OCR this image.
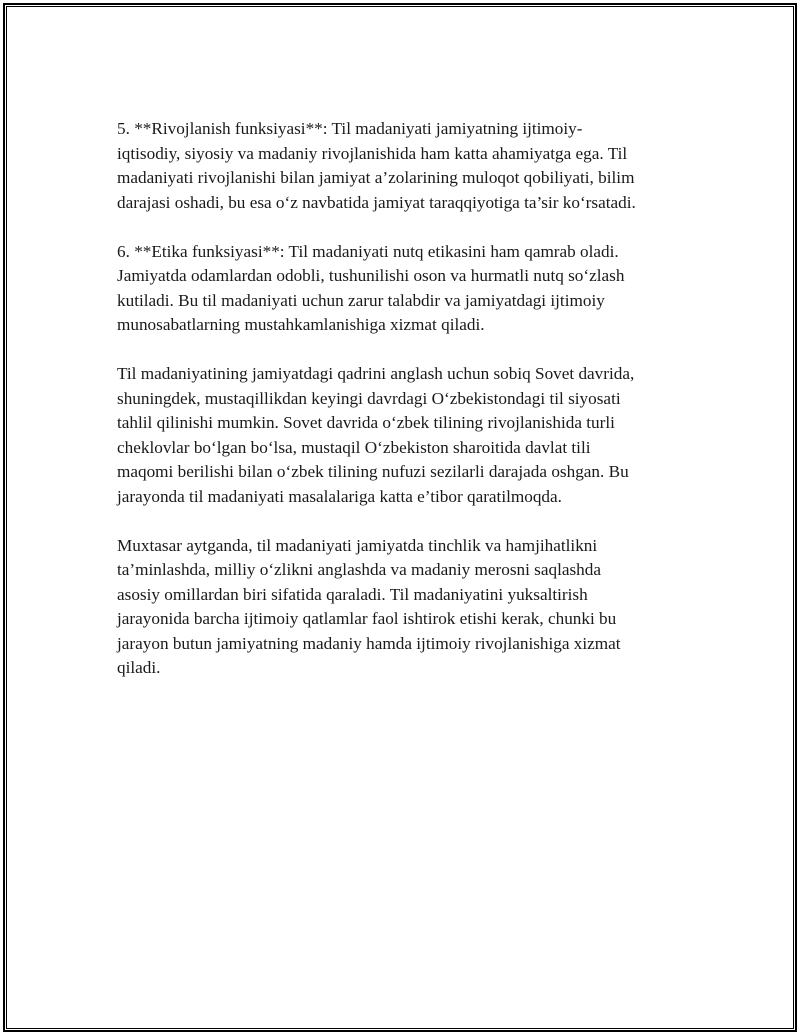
5. **Rivojlanish funksiyasi**: Til madaniyati jamiyatning ijtimoiy-
iqtisodiy, siyosiy va madaniy rivojlanishida ham katta ahamiyatga ega. Til
madaniyati rivojlanishi bilan jamiyat a’zolarining muloqot qobiliyati, bilim
darajasi oshadi, bu esa o‘z navbatida jamiyat taraqqiyotiga ta’sir ko‘rsatadi.

6. **Etika funksiyasi**: Til madaniyati nutq etikasini ham qamrab oladi.
Jamiyatda odamlardan odobli, tushunilishi oson va hurmatli nutq so‘zlash
kutiladi. Bu til madaniyati uchun zarur talabdir va jamiyatdagi ijtimoiy
munosabatlarning mustahkamlanishiga xizmat qiladi.

Til madaniyatining jamiyatdagi qadrini anglash uchun sobiq Sovet davrida,
shuningdek, mustaqillikdan keyingi davrdagi O‘zbekistondagi til siyosati
tahlil qilinishi mumkin. Sovet davrida o‘zbek tilining rivojlanishida turli
cheklovlar bo‘lgan bo‘lsa, mustaqil O‘zbekiston sharoitida davlat tili
maqomi berilishi bilan o‘zbek tilining nufuzi sezilarli darajada oshgan. Bu
jarayonda til madaniyati masalalariga katta e’tibor qaratilmoqda.

Muxtasar aytganda, til madaniyati jamiyatda tinchlik va hamjihatlikni
ta’minlashda, milliy o‘zlikni anglashda va madaniy merosni saqlashda
asosiy omillardan biri sifatida qaraladi. Til madaniyatini yuksaltirish
jarayonida barcha ijtimoiy qatlamlar faol ishtirok etishi kerak, chunki bu
jarayon butun jamiyatning madaniy hamda ijtimoiy rivojlanishiga xizmat
qiladi.
